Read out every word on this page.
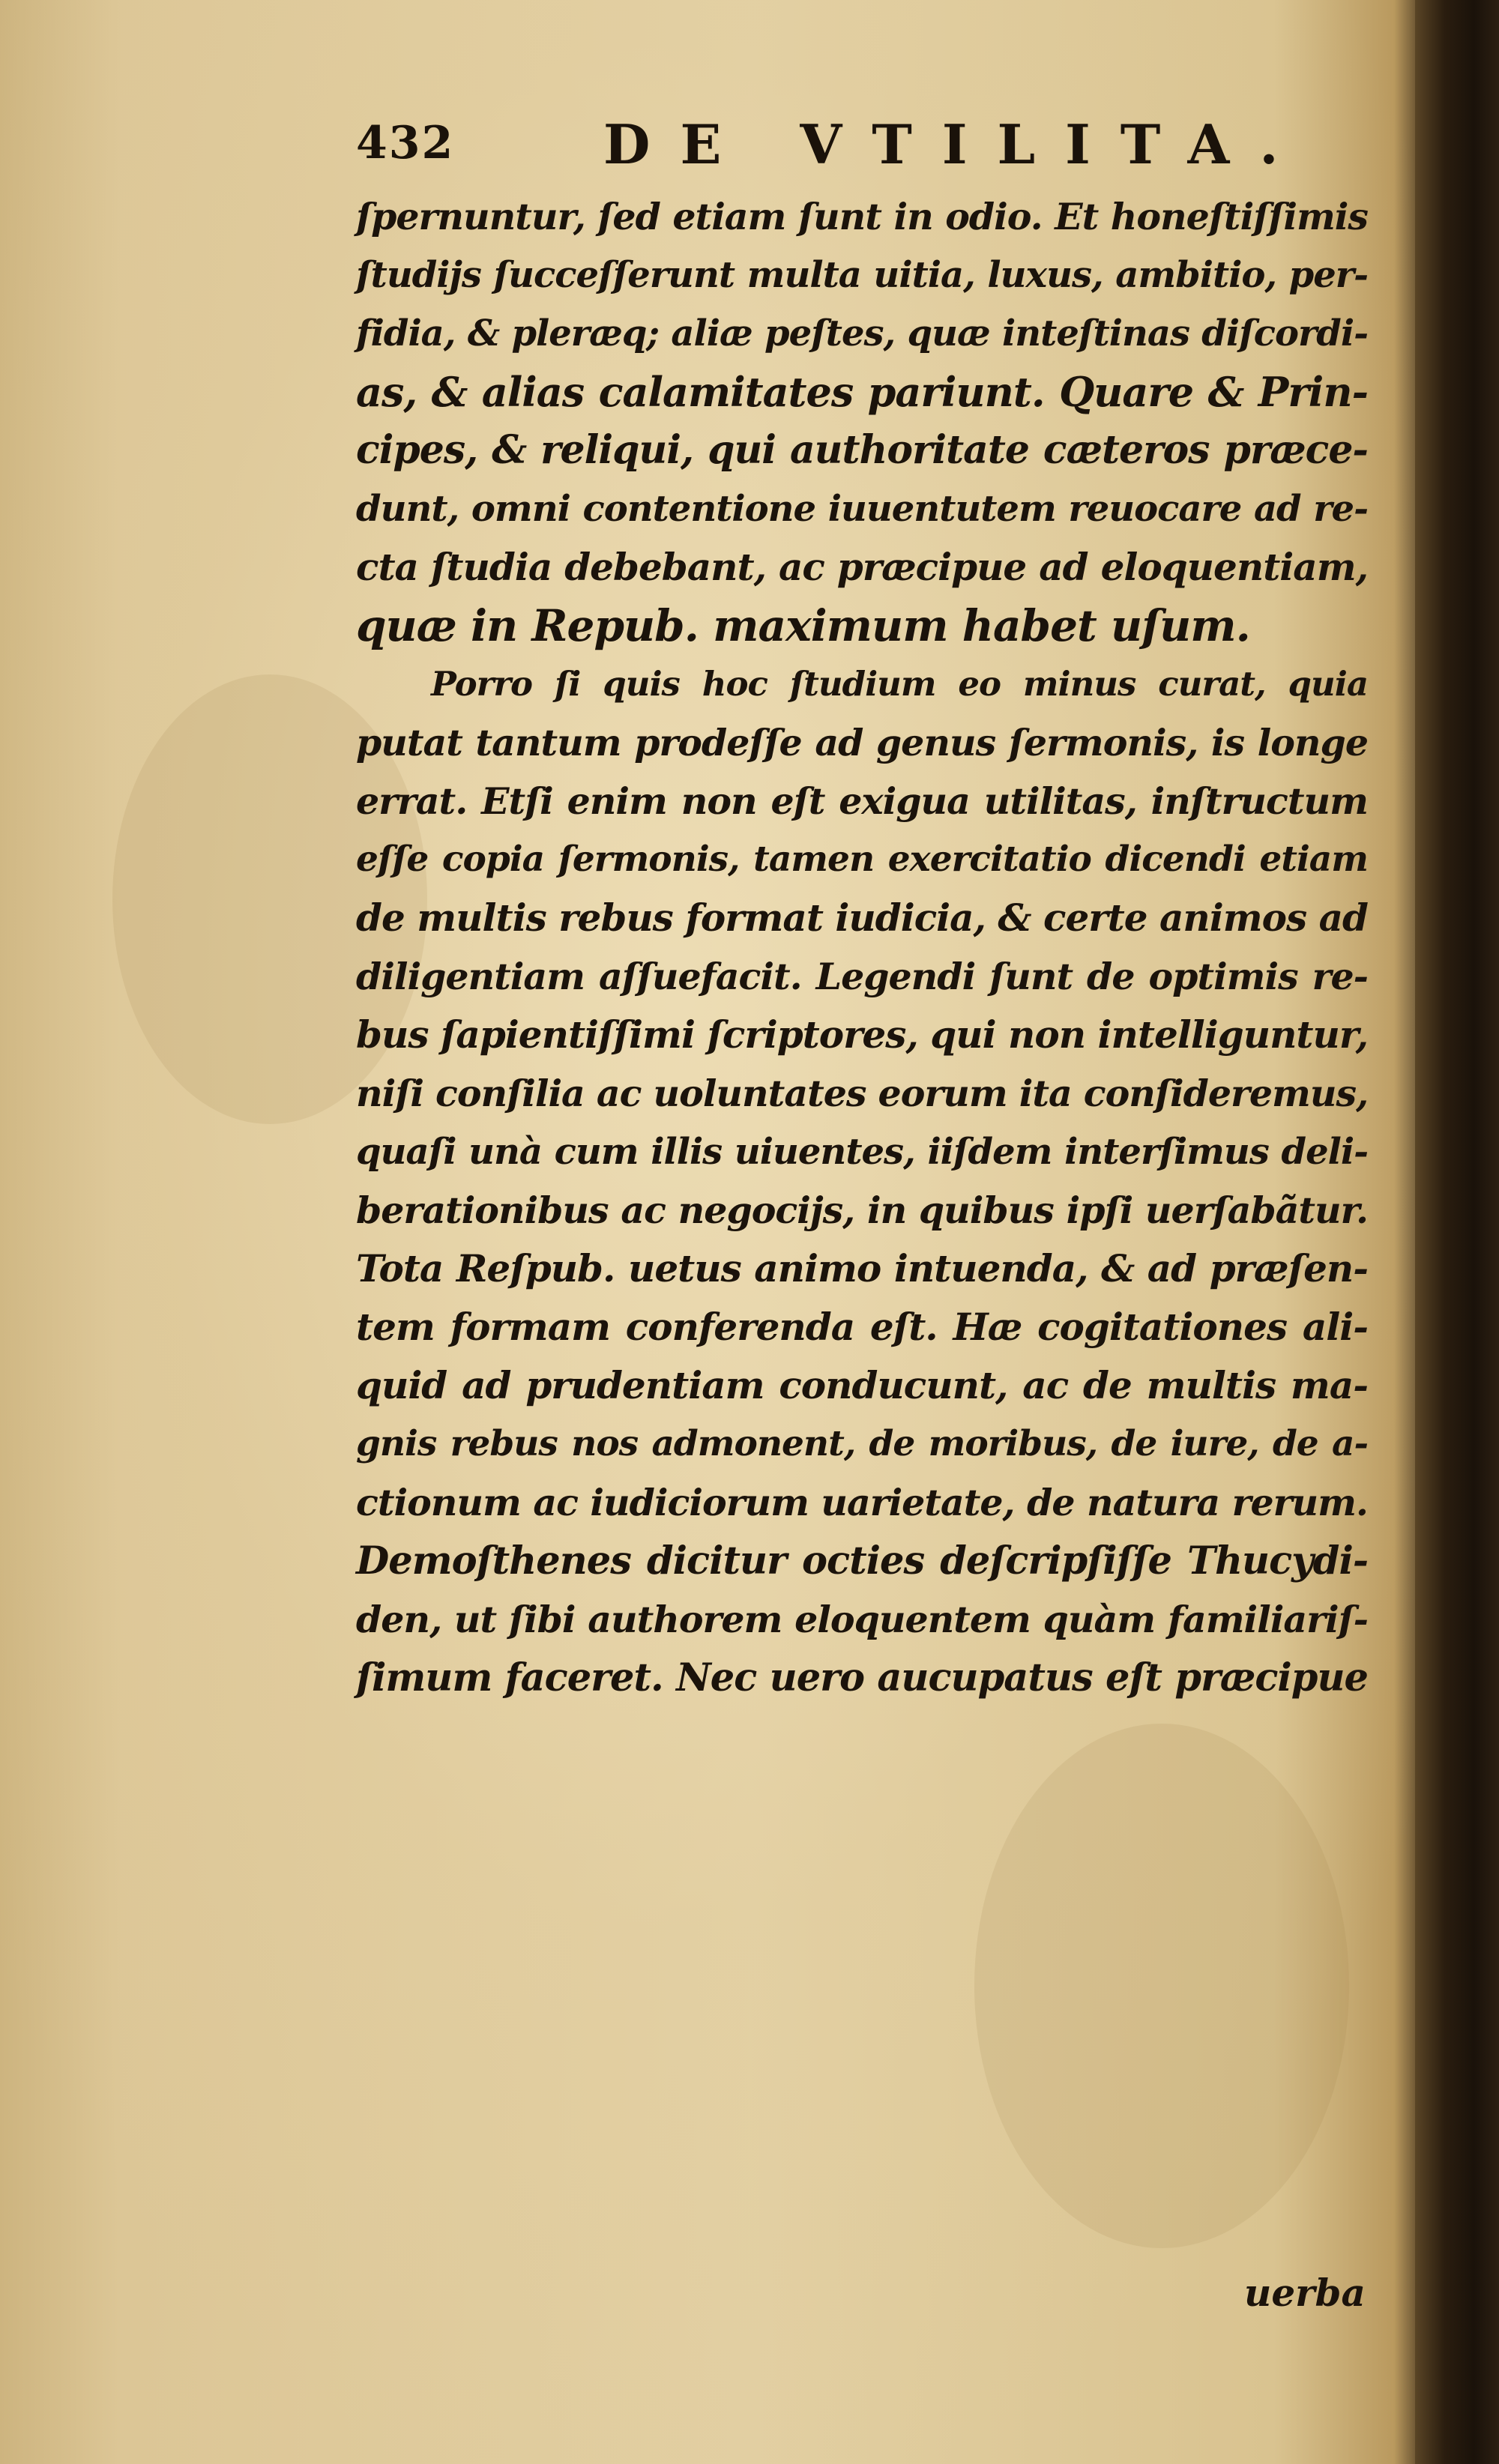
432	DE VTILITA.
ſpernuntur, ſed etiam ſunt in odio. Et honeſtiſſimis
ſtudijs ſucceſſerunt multa uitia, luxus, ambitio, per-
fidia, & pleræq; aliæ peſtes, quæ inteſtinas diſcordi-
as, & alias calamitates pariunt. Quare & Prin-
cipes, & reliqui, qui authoritate cæteros præce-
dunt, omni contentione iuuentutem reuocare ad re-
cta ſtudia debebant, ac præcipue ad eloquentiam,
quæ in Repub. maximum habet uſum.
Porro ſi quis hoc ſtudium eo minus curat, quia
putat tantum prodeſſe ad genus ſermonis, is longe
errat. Etſi enim non eſt exigua utilitas, inſtructum
eſſe copia ſermonis, tamen exercitatio dicendi etiam
de multis rebus format iudicia, & certe animos ad
diligentiam aſſuefacit. Legendi ſunt de optimis re-
bus ſapientiſſimi ſcriptores, qui non intelliguntur,
niſi conſilia ac uoluntates eorum ita conſideremus,
quaſi unà cum illis uiuentes, iiſdem interſimus deli-
berationibus ac negocijs, in quibus ipſi uerſabãtur.
Tota Reſpub. uetus animo intuenda, & ad præſen-
tem formam conferenda eſt. Hæ cogitationes ali-
quid ad prudentiam conducunt, ac de multis ma-
gnis rebus nos admonent, de moribus, de iure, de a-
ctionum ac iudiciorum uarietate, de natura rerum.
Demoſthenes dicitur octies deſcripſiſſe Thucydi-
den, ut ſibi authorem eloquentem quàm familiariſ-
ſimum faceret. Nec uero aucupatus eſt præcipue
uerba
